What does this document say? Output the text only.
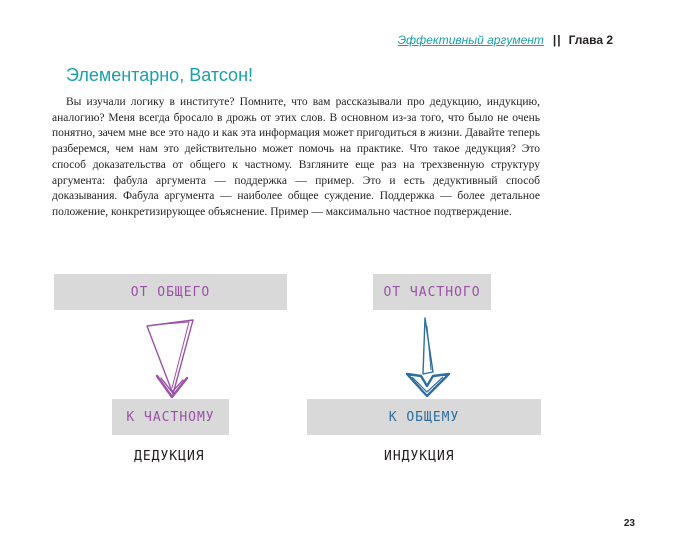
Эффективный аргумент || Глава 2
Элементарно, Ватсон!

Вы изучали логику в институте? Помните, что вам рассказывали про дедукцию, индукцию, аналогию? Меня всегда бросало в дрожь от этих слов. В основном из-за того, что было не очень понятно, зачем мне все это надо и как эта информация может пригодиться в жизни. Давайте теперь разберемся, чем нам это действительно может помочь на практике. Что такое дедукция? Это способ доказательства от общего к частному. Взгляните еще раз на трехзвенную структуру аргумента: фабула аргумента — поддержка — пример. Это и есть дедуктивный способ доказывания. Фабула аргумента — наиболее общее суждение. Поддержка — более детальное положение, конкретизирующее объяснение. Пример — максимально частное подтверждение.

ОТ ОБЩЕГО
К ЧАСТНОМУ
ДЕДУКЦИЯ
ОТ ЧАСТНОГО
К ОБЩЕМУ
ИНДУКЦИЯ
23
